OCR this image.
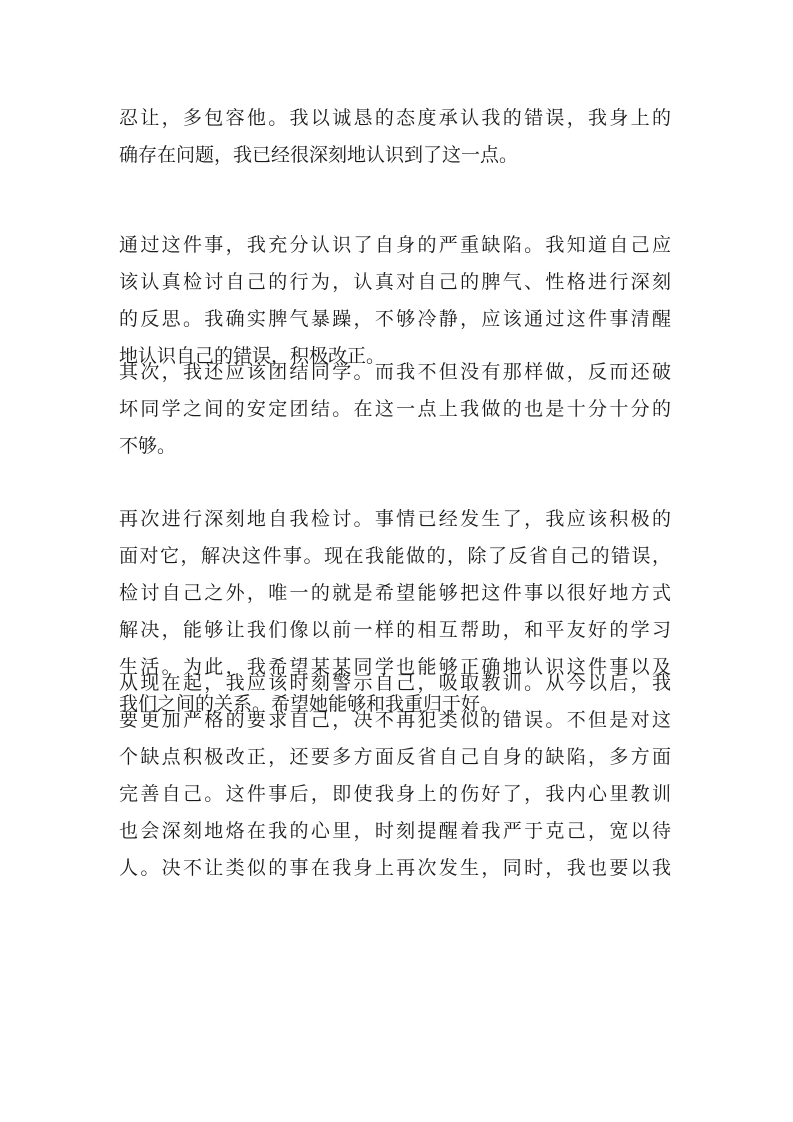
忍让，多包容他。我以诚恳的态度承认我的错误，我身上的
确存在问题，我已经很深刻地认识到了这一点。

通过这件事，我充分认识了自身的严重缺陷。我知道自己应
该认真检讨自己的行为，认真对自己的脾气、性格进行深刻
的反思。我确实脾气暴躁，不够冷静，应该通过这件事清醒
地认识自己的错误，积极改正。

其次，我还应该团结同学。而我不但没有那样做，反而还破
坏同学之间的安定团结。在这一点上我做的也是十分十分的
不够。

再次进行深刻地自我检讨。事情已经发生了，我应该积极的
面对它，解决这件事。现在我能做的，除了反省自己的错误，
检讨自己之外，唯一的就是希望能够把这件事以很好地方式
解决，能够让我们像以前一样的相互帮助，和平友好的学习
生活。为此，我希望某某同学也能够正确地认识这件事以及
我们之间的关系。希望她能够和我重归于好。

从现在起，我应该时刻警示自己，吸取教训。从今以后，我
要更加严格的要求自己，决不再犯类似的错误。不但是对这
个缺点积极改正，还要多方面反省自己自身的缺陷，多方面
完善自己。这件事后，即使我身上的伤好了，我内心里教训
也会深刻地烙在我的心里，时刻提醒着我严于克己，宽以待
人。决不让类似的事在我身上再次发生，同时，我也要以我
